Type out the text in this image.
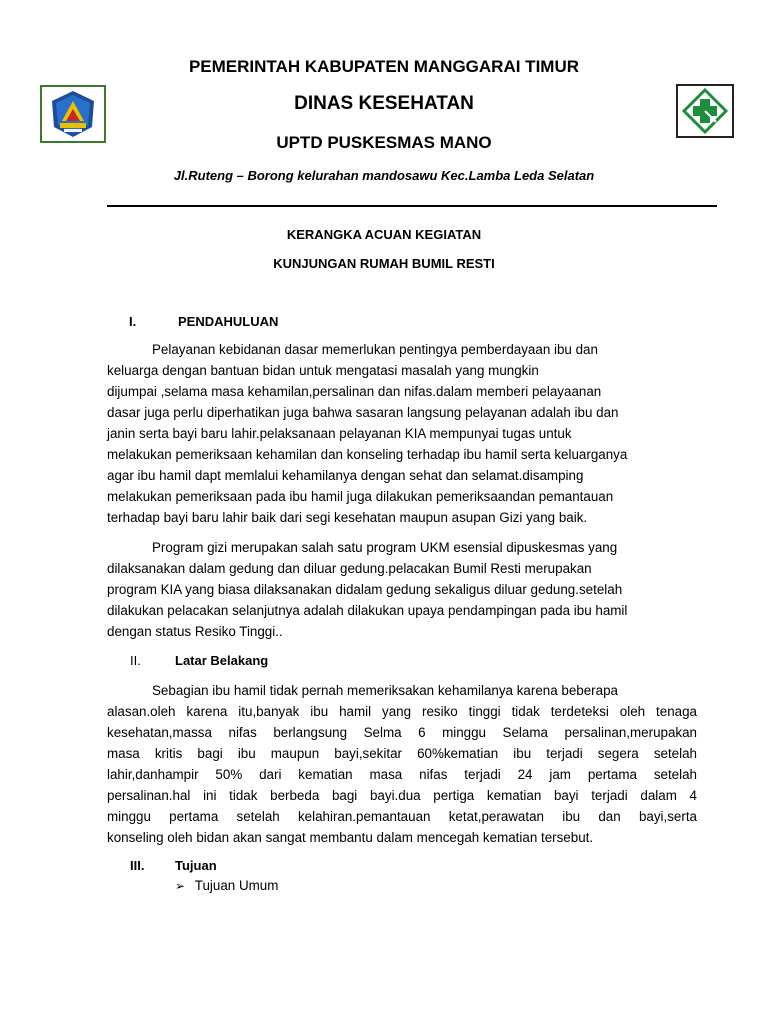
PEMERINTAH KABUPATEN MANGGARAI TIMUR
DINAS KESEHATAN
UPTD PUSKESMAS MANO
Jl.Ruteng – Borong kelurahan mandosawu Kec.Lamba Leda Selatan
KERANGKA ACUAN KEGIATAN
KUNJUNGAN RUMAH BUMIL RESTI
I.	PENDAHULUAN
Pelayanan kebidanan dasar memerlukan pentingya pemberdayaan ibu dan
keluarga dengan bantuan bidan untuk mengatasi masalah yang mungkin
dijumpai ,selama masa kehamilan,persalinan dan nifas.dalam memberi pelayaanan
dasar juga perlu diperhatikan juga bahwa sasaran langsung pelayanan adalah ibu dan
janin serta bayi baru lahir.pelaksanaan pelayanan KIA mempunyai tugas untuk
melakukan pemeriksaan kehamilan dan konseling terhadap ibu hamil serta keluarganya
agar ibu hamil dapt memlalui kehamilanya dengan sehat dan selamat.disamping
melakukan pemeriksaan pada ibu hamil juga dilakukan pemeriksaandan pemantauan
terhadap bayi baru lahir baik dari segi kesehatan maupun asupan Gizi yang baik.
Program gizi merupakan salah satu program UKM esensial dipuskesmas yang
dilaksanakan dalam gedung dan diluar gedung.pelacakan Bumil Resti merupakan
program KIA yang biasa dilaksanakan didalam gedung sekaligus diluar gedung.setelah
dilakukan pelacakan selanjutnya adalah dilakukan upaya pendampingan pada ibu hamil
dengan status Resiko Tinggi..
II.	Latar Belakang
Sebagian ibu hamil tidak pernah memeriksakan kehamilanya karena beberapa
alasan.oleh karena itu,banyak ibu hamil yang resiko tinggi tidak terdeteksi oleh tenaga
kesehatan,massa nifas berlangsung Selma 6 minggu Selama persalinan,merupakan
masa kritis bagi ibu maupun bayi,sekitar 60%kematian ibu terjadi segera setelah
lahir,danhampir 50% dari kematian masa nifas terjadi 24 jam pertama setelah
persalinan.hal ini tidak berbeda bagi bayi.dua pertiga kematian bayi terjadi dalam 4
minggu pertama setelah kelahiran.pemantauan ketat,perawatan ibu dan bayi,serta
konseling oleh bidan akan sangat membantu dalam mencegah kematian tersebut.
III. Tujuan
➢ Tujuan Umum
